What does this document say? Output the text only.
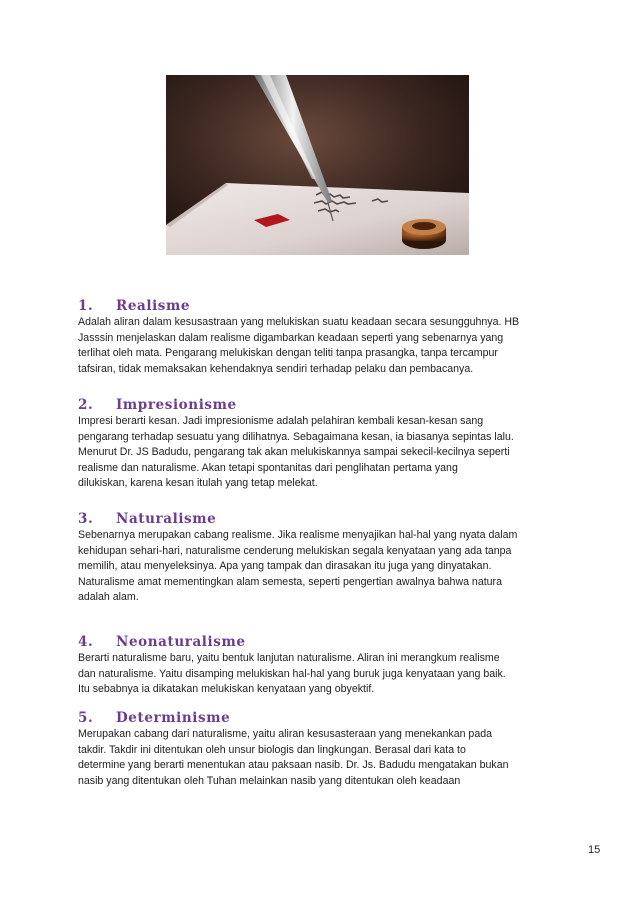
1. Realisme
Adalah aliran dalam kesusastraan yang melukiskan suatu keadaan secara sesungguhnya. HB
Jasssin menjelaskan dalam realisme digambarkan keadaan seperti yang sebenarnya yang
terlihat oleh mata. Pengarang melukiskan dengan teliti tanpa prasangka, tanpa tercampur
tafsiran, tidak memaksakan kehendaknya sendiri terhadap pelaku dan pembacanya.
2. Impresionisme
Impresi berarti kesan. Jadi impresionisme adalah pelahiran kembali kesan-kesan sang
pengarang terhadap sesuatu yang dilihatnya. Sebagaimana kesan, ia biasanya sepintas lalu.
Menurut Dr. JS Badudu, pengarang tak akan melukiskannya sampai sekecil-kecilnya seperti
realisme dan naturalisme. Akan tetapi spontanitas dari penglihatan pertama yang
dilukiskan, karena kesan itulah yang tetap melekat.
3. Naturalisme
Sebenarnya merupakan cabang realisme. Jika realisme menyajikan hal-hal yang nyata dalam
kehidupan sehari-hari, naturalisme cenderung melukiskan segala kenyataan yang ada tanpa
memilih, atau menyeleksinya. Apa yang tampak dan dirasakan itu juga yang dinyatakan.
Naturalisme amat mementingkan alam semesta, seperti pengertian awalnya bahwa natura
adalah alam.
4. Neonaturalisme
Berarti naturalisme baru, yaitu bentuk lanjutan naturalisme. Aliran ini merangkum realisme
dan naturalisme. Yaitu disamping melukiskan hal-hal yang buruk juga kenyataan yang baik.
Itu sebabnya ia dikatakan melukiskan kenyataan yang obyektif.
5. Determinisme
Merupakan cabang dari naturalisme, yaitu aliran kesusasteraan yang menekankan pada
takdir. Takdir ini ditentukan oleh unsur biologis dan lingkungan. Berasal dari kata to
determine yang berarti menentukan atau paksaan nasib. Dr. Js. Badudu mengatakan bukan
nasib yang ditentukan oleh Tuhan melainkan nasib yang ditentukan oleh keadaan
15
